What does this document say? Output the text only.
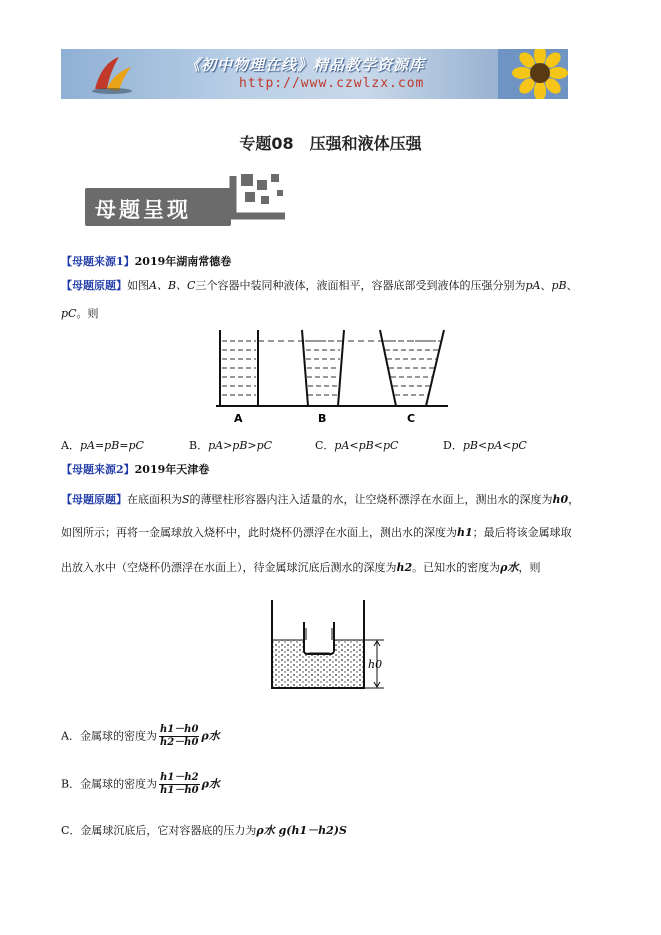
《初中物理在线》精品教学资源库
http://www.czwlzx.com
专题08　压强和液体压强
母题呈现
【母题来源1】2019年湖南常德卷
【母题原题】如图A、B、C三个容器中装同种液体，液面相平，容器底部受到液体的压强分别为pA、pB、
pC。则
A	B	C
A．pA=pB=pC	B．pA>pB>pC	C．pA<pB<pC	D．pB<pA<pC
【母题来源2】2019年天津卷
【母题原题】在底面积为S的薄壁柱形容器内注入适量的水，让空烧杯漂浮在水面上，测出水的深度为h0，
如图所示；再将一金属球放入烧杯中，此时烧杯仍漂浮在水面上，测出水的深度为h1；最后将该金属球取
出放入水中（空烧杯仍漂浮在水面上），待金属球沉底后测水的深度为h2。已知水的密度为ρ水，则
h0
A．金属球的密度为 $\frac{h1-h0}{h2-h0}$ ρ水
B．金属球的密度为 $\frac{h1-h2}{h1-h0}$ ρ水
C．金属球沉底后，它对容器底的压力为ρ水 g(h1－h2)S
